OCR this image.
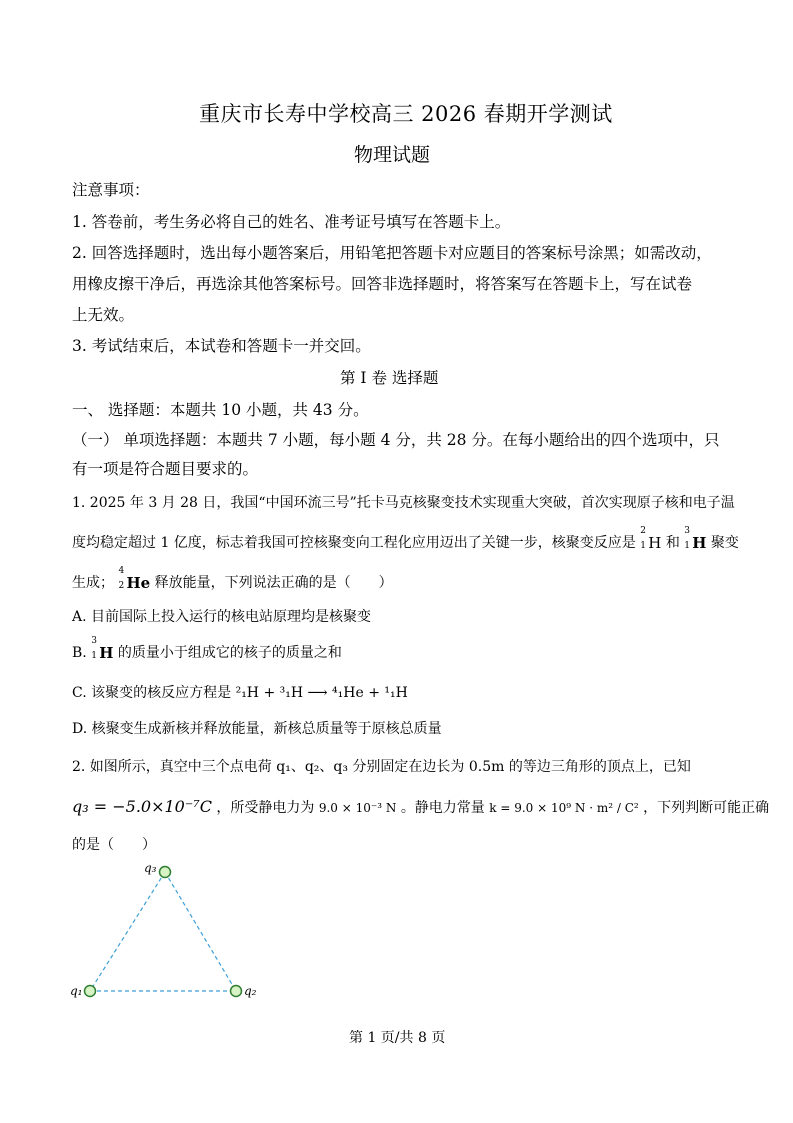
重庆市长寿中学校高三 2026 春期开学测试
物理试题
注意事项：
1. 答卷前，考生务必将自己的姓名、准考证号填写在答题卡上。
2. 回答选择题时，选出每小题答案后，用铅笔把答题卡对应题目的答案标号涂黑；如需改动，
用橡皮擦干净后，再选涂其他答案标号。回答非选择题时，将答案写在答题卡上，写在试卷
上无效。
3. 考试结束后，本试卷和答题卡一并交回。
第 I 卷 选择题
一、 选择题：本题共 10 小题，共 43 分。
（一） 单项选择题：本题共 7 小题，每小题 4 分，共 28 分。在每小题给出的四个选项中，只
有一项是符合题目要求的。
1. 2025 年 3 月 28 日，我国“中国环流三号”托卡马克核聚变技术实现重大突破，首次实现原子核和电子温
度均稳定超过 1 亿度，标志着我国可控核聚变向工程化应用迈出了关键一步，核聚变反应是
2
1 H 和
3
1 H 聚变
生成；
4
2 He 释放能量，下列说法正确的是（　　）
A. 目前国际上投入运行的核电站原理均是核聚变
B.
3
1 H 的质量小于组成它的核子的质量之和
C. 该聚变的核反应方程是 ²₁H + ³₁H ⟶ ⁴₁He + ¹₁H
D. 核聚变生成新核并释放能量，新核总质量等于原核总质量
2. 如图所示，真空中三个点电荷 q₁、q₂、q₃ 分别固定在边长为 0.5m 的等边三角形的顶点上，已知
q₃ = −5.0×10⁻⁷C ，所受静电力为 9.0 × 10⁻³ N 。静电力常量 k = 9.0 × 10⁹ N · m² / C² ，下列判断可能正确
的是（　　）
q₃
q₁	q₂
第 1 页/共 8 页
